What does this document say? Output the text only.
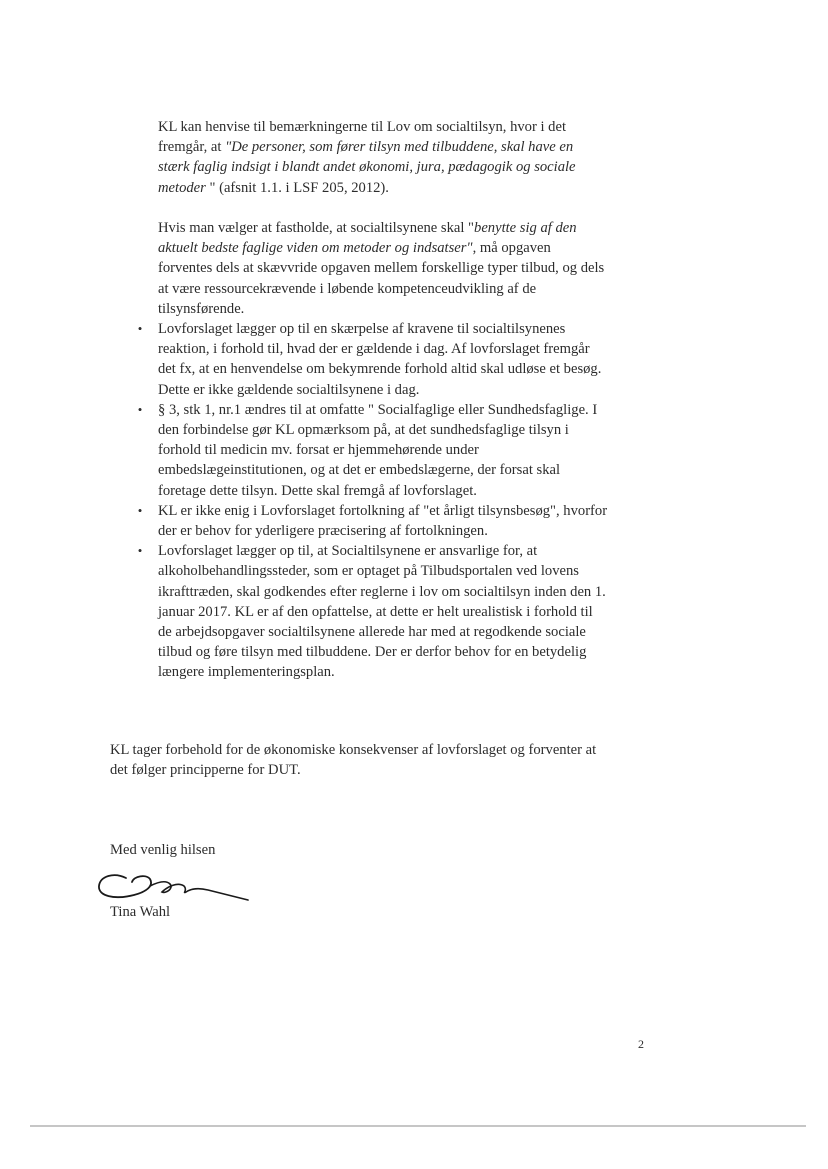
KL kan henvise til bemærkningerne til Lov om socialtilsyn, hvor i det fremgår, at "De personer, som fører tilsyn med tilbuddene, skal have en stærk faglig indsigt i blandt andet økonomi, jura, pædagogik og sociale metoder " (afsnit 1.1. i LSF 205, 2012).

Hvis man vælger at fastholde, at socialtilsynene skal "benytte sig af den aktuelt bedste faglige viden om metoder og indsatser", må opgaven forventes dels at skævvride opgaven mellem forskellige typer tilbud, og dels at være ressourcekrævende i løbende kompetenceudvikling af de tilsynsførende.

• Lovforslaget lægger op til en skærpelse af kravene til socialtilsynenes reaktion, i forhold til, hvad der er gældende i dag. Af lovforslaget fremgår det fx, at en henvendelse om bekymrende forhold altid skal udløse et besøg. Dette er ikke gældende socialtilsynene i dag.
• § 3, stk 1, nr.1 ændres til at omfatte " Socialfaglige eller Sundhedsfaglige. I den forbindelse gør KL opmærksom på, at det sundhedsfaglige tilsyn i forhold til medicin mv. forsat er hjemmehørende under embedslægeinstitutionen, og at det er embedslægerne, der forsat skal foretage dette tilsyn. Dette skal fremgå af lovforslaget.
• KL er ikke enig i Lovforslaget fortolkning af "et årligt tilsynsbesøg", hvorfor der er behov for yderligere præcisering af fortolkningen.
• Lovforslaget lægger op til, at Socialtilsynene er ansvarlige for, at alkoholbehandlingssteder, som er optaget på Tilbudsportalen ved lovens ikrafttræden, skal godkendes efter reglerne i lov om socialtilsyn inden den 1. januar 2017. KL er af den opfattelse, at dette er helt urealistisk i forhold til de arbejdsopgaver socialtilsynene allerede har med at regodkende sociale tilbud og føre tilsyn med tilbuddene. Der er derfor behov for en betydelig længere implementeringsplan.

KL tager forbehold for de økonomiske konsekvenser af lovforslaget og forventer at det følger principperne for DUT.

Med venlig hilsen

Tina Wahl

2
